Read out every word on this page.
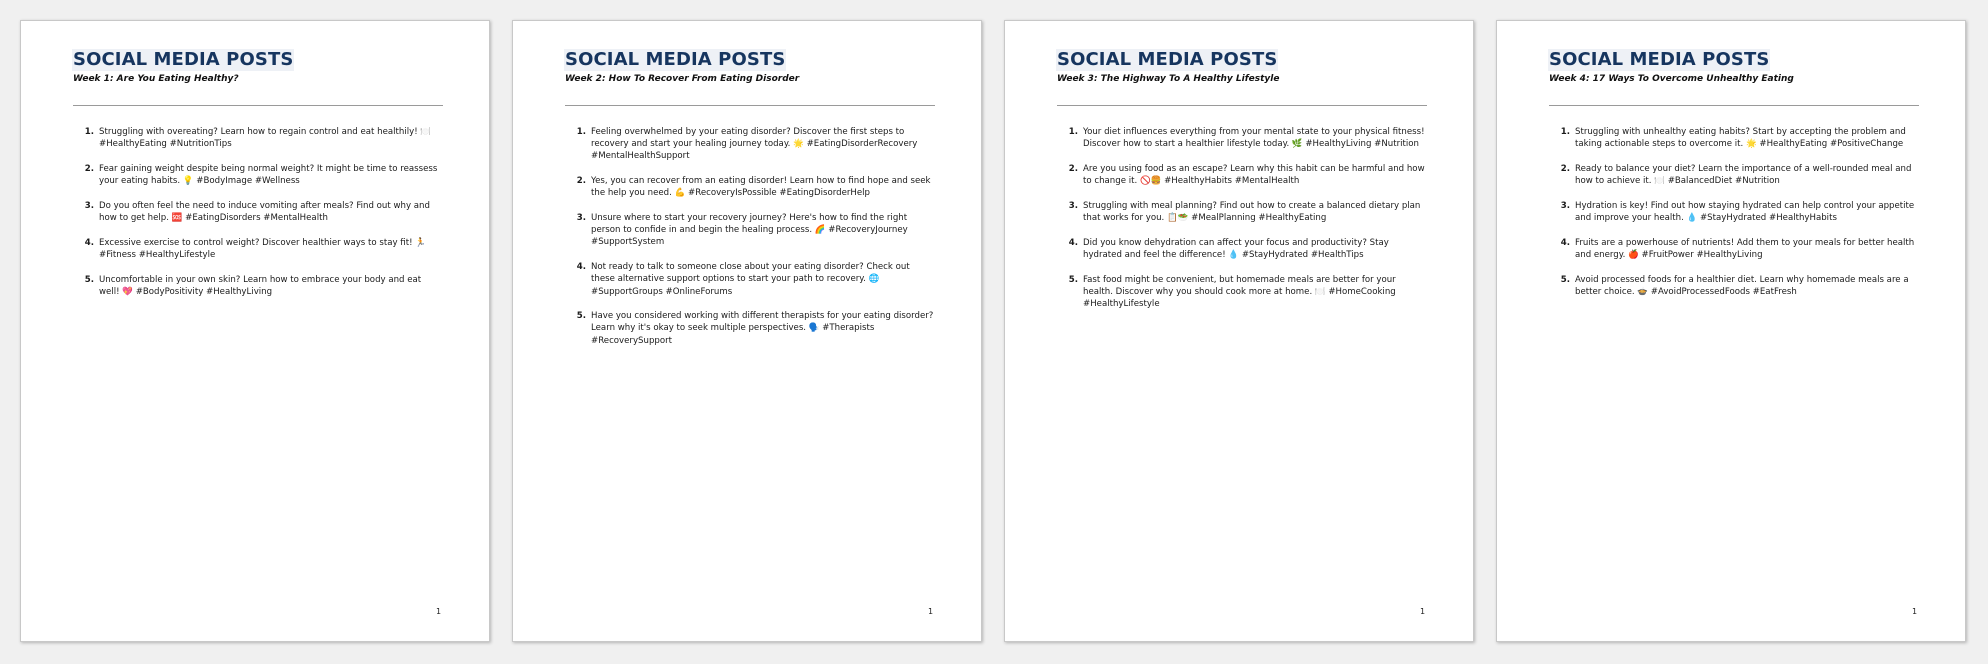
SOCIAL MEDIA POSTS

Week 1: Are You Eating Healthy?

1. Struggling with overeating? Learn how to regain control and eat healthily! 🍽️ #HealthyEating #NutritionTips
2. Fear gaining weight despite being normal weight? It might be time to reassess your eating habits. 💡 #BodyImage #Wellness
3. Do you often feel the need to induce vomiting after meals? Find out why and how to get help. 🆘 #EatingDisorders #MentalHealth
4. Excessive exercise to control weight? Discover healthier ways to stay fit! 🏃 #Fitness #HealthyLifestyle
5. Uncomfortable in your own skin? Learn how to embrace your body and eat well! 💖 #BodyPositivity #HealthyLiving
1
SOCIAL MEDIA POSTS

Week 2: How To Recover From Eating Disorder

1. Feeling overwhelmed by your eating disorder? Discover the first steps to recovery and start your healing journey today. 🌟 #EatingDisorderRecovery #MentalHealthSupport
2. Yes, you can recover from an eating disorder! Learn how to find hope and seek the help you need. 💪 #RecoveryIsPossible #EatingDisorderHelp
3. Unsure where to start your recovery journey? Here's how to find the right person to confide in and begin the healing process. 🌈 #RecoveryJourney #SupportSystem
4. Not ready to talk to someone close about your eating disorder? Check out these alternative support options to start your path to recovery. 🌐 #SupportGroups #OnlineForums
5. Have you considered working with different therapists for your eating disorder? Learn why it's okay to seek multiple perspectives. 🗣️ #Therapists #RecoverySupport
1
SOCIAL MEDIA POSTS

Week 3: The Highway To A Healthy Lifestyle

1. Your diet influences everything from your mental state to your physical fitness! Discover how to start a healthier lifestyle today. 🌿 #HealthyLiving #Nutrition
2. Are you using food as an escape? Learn why this habit can be harmful and how to change it. 🚫🍔 #HealthyHabits #MentalHealth
3. Struggling with meal planning? Find out how to create a balanced dietary plan that works for you. 📋🥗 #MealPlanning #HealthyEating
4. Did you know dehydration can affect your focus and productivity? Stay hydrated and feel the difference! 💧 #StayHydrated #HealthTips
5. Fast food might be convenient, but homemade meals are better for your health. Discover why you should cook more at home. 🍽️ #HomeCooking #HealthyLifestyle
1
SOCIAL MEDIA POSTS

Week 4: 17 Ways To Overcome Unhealthy Eating

1. Struggling with unhealthy eating habits? Start by accepting the problem and taking actionable steps to overcome it. 🌟 #HealthyEating #PositiveChange
2. Ready to balance your diet? Learn the importance of a well-rounded meal and how to achieve it. 🍽️ #BalancedDiet #Nutrition
3. Hydration is key! Find out how staying hydrated can help control your appetite and improve your health. 💧 #StayHydrated #HealthyHabits
4. Fruits are a powerhouse of nutrients! Add them to your meals for better health and energy. 🍎 #FruitPower #HealthyLiving
5. Avoid processed foods for a healthier diet. Learn why homemade meals are a better choice. 🍲 #AvoidProcessedFoods #EatFresh
1
